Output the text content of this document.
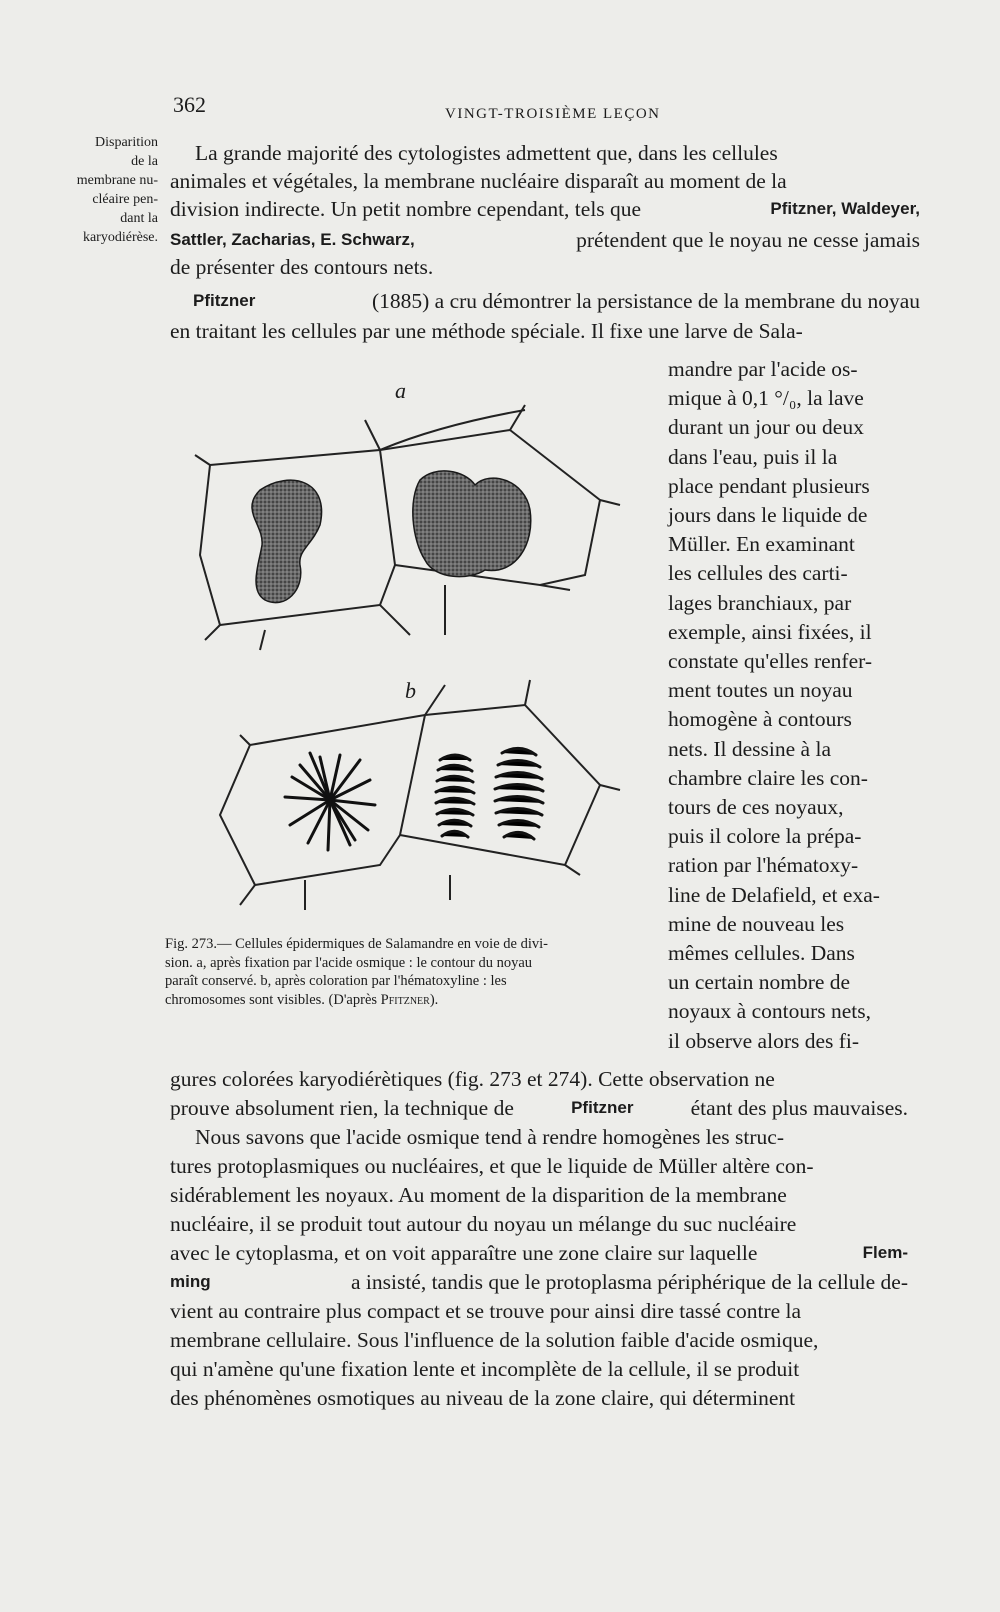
362	VINGT-TROISIÈME LEÇON
Disparition
de la
membrane nu-
cléaire pen-
dant la
karyodiérèse.
La grande majorité des cytologistes admettent que, dans les cellules
animales et végétales, la membrane nucléaire disparaît au moment de la
division indirecte. Un petit nombre cependant, tels que	Pfitzner, Waldeyer,
Sattler, Zacharias, E. Schwarz,	prétendent que le noyau ne cesse jamais
de présenter des contours nets.
Pfitzner	(1885) a cru démontrer la persistance de la membrane du noyau
en traitant les cellules par une méthode spéciale. Il fixe une larve de Sala-
mandre par l'acide os-
mique à 0,1 °/₀, la lave
durant un jour ou deux
dans l'eau, puis il la
place pendant plusieurs
jours dans le liquide de
Müller. En examinant
les cellules des carti-
lages branchiaux, par
exemple, ainsi fixées, il
constate qu'elles renfer-
ment toutes un noyau
homogène à contours
nets. Il dessine à la
chambre claire les con-
tours de ces noyaux,
puis il colore la prépa-
ration par l'hématoxy-
line de Delafield, et exa-
mine de nouveau les
mêmes cellules. Dans
un certain nombre de
noyaux à contours nets,
il observe alors des fi-
a
b
Fig. 273.— Cellules épidermiques de Salamandre en voie de divi-
sion. a, après fixation par l'acide osmique : le contour du noyau
paraît conservé. b, après coloration par l'hématoxyline : les
chromosomes sont visibles. (D'après Pfitzner).
gures colorées karyodiérètiques (fig. 273 et 274). Cette observation ne
prouve absolument rien, la technique de	Pfitzner	étant des plus mauvaises.
Nous savons que l'acide osmique tend à rendre homogènes les struc-
tures protoplasmiques ou nucléaires, et que le liquide de Müller altère con-
sidérablement les noyaux. Au moment de la disparition de la membrane
nucléaire, il se produit tout autour du noyau un mélange du suc nucléaire
avec le cytoplasma, et on voit apparaître une zone claire sur laquelle	Flem-
ming	a insisté, tandis que le protoplasma périphérique de la cellule de-
vient au contraire plus compact et se trouve pour ainsi dire tassé contre la
membrane cellulaire. Sous l'influence de la solution faible d'acide osmique,
qui n'amène qu'une fixation lente et incomplète de la cellule, il se produit
des phénomènes osmotiques au niveau de la zone claire, qui déterminent
